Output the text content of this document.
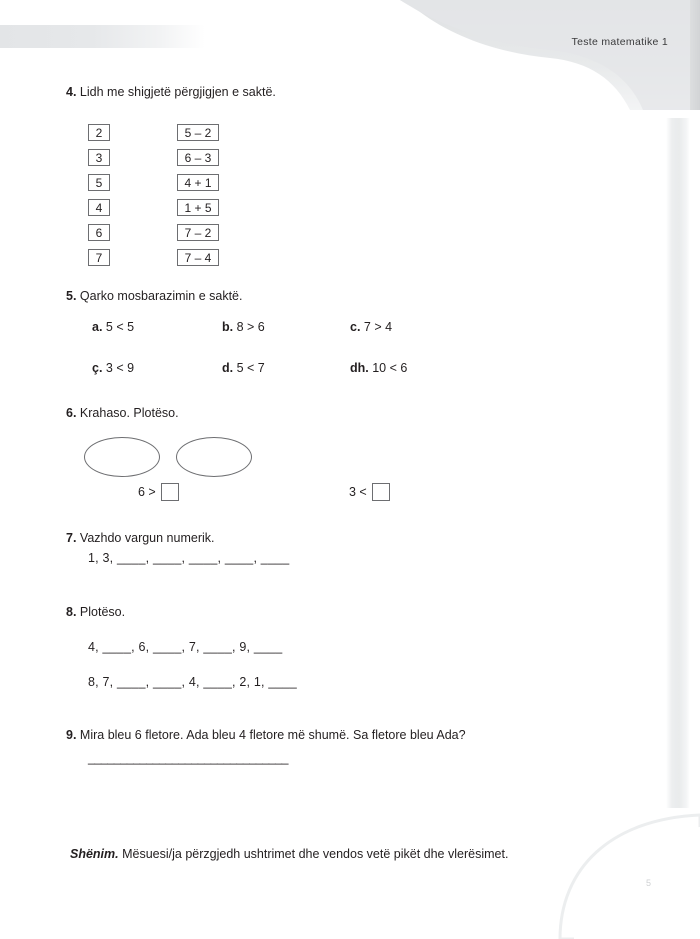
5
Teste matematike 1
4. Lidh me shigjetë përgjigjen e saktë.
2	5 – 2
3	6 – 3
5	4 + 1
4	1 + 5
6	7 – 2
7	7 – 4
5. Qarko mosbarazimin e saktë.
a. 5 < 5	b. 8 > 6	c. 7 > 4
ç. 3 < 9	d. 5 < 7	dh. 10 < 6
6. Krahaso. Plotëso.
6 >	3 <
7. Vazhdo vargun numerik.
1, 3, ____, ____, ____, ____, ____
8. Plotëso.
4, ____, 6, ____, 7, ____, 9, ____
8, 7, ____, ____, 4, ____, 2, 1, ____
9. Mira bleu 6 fletore. Ada bleu 4 fletore më shumë. Sa fletore bleu Ada?
_______________________________
Shënim. Mësuesi/ja përzgjedh ushtrimet dhe vendos vetë pikët dhe vlerësimet.
